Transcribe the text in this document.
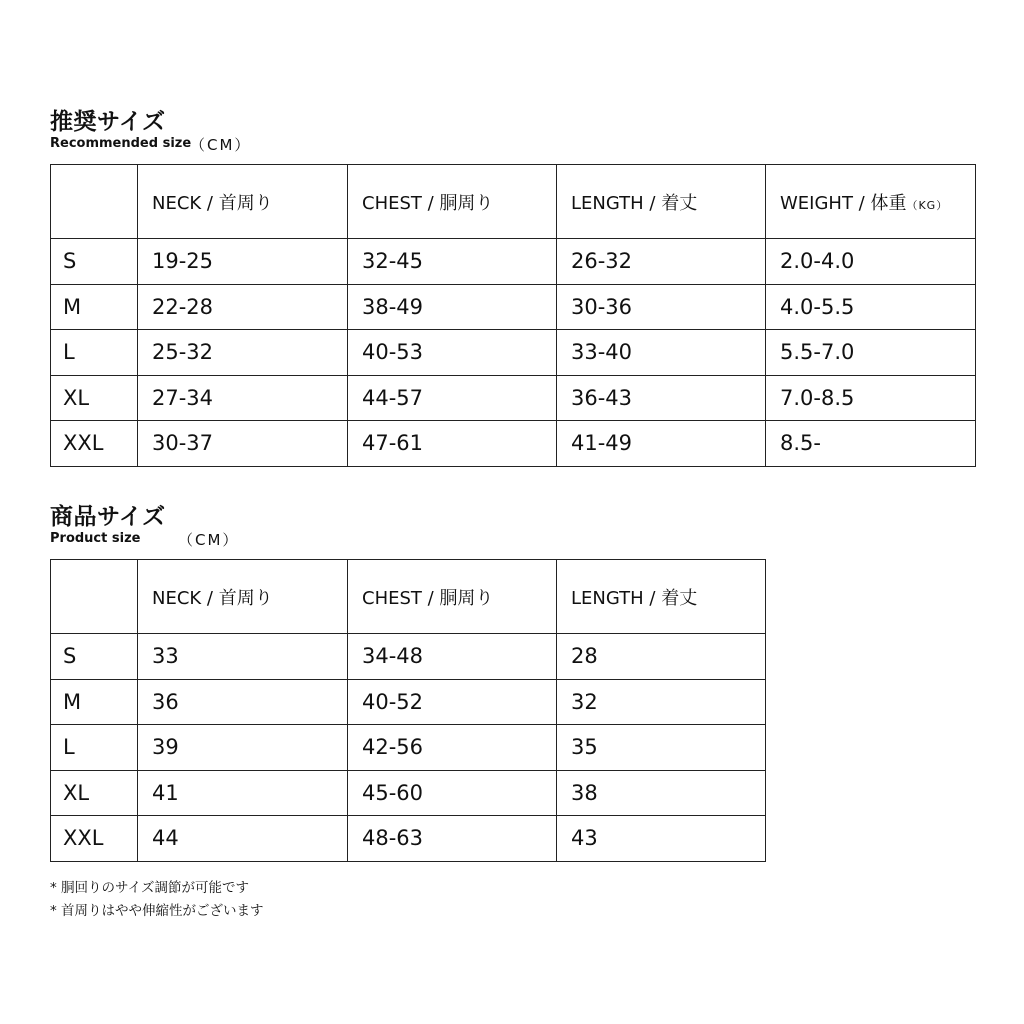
推奨サイズ
Recommended size
（CM）
	NECK / 首周り	CHEST / 胴周り	LENGTH / 着丈	WEIGHT / 体重（KG）
S	19-25	32-45	26-32	2.0-4.0
M	22-28	38-49	30-36	4.0-5.5
L	25-32	40-53	33-40	5.5-7.0
XL	27-34	44-57	36-43	7.0-8.5
XXL	30-37	47-61	41-49	8.5-
商品サイズ
Product size	（CM）
	NECK / 首周り	CHEST / 胴周り	LENGTH / 着丈
S	33	34-48	28
M	36	40-52	32
L	39	42-56	35
XL	41	45-60	38
XXL	44	48-63	43
* 胴回りのサイズ調節が可能です
* 首周りはやや伸縮性がございます
